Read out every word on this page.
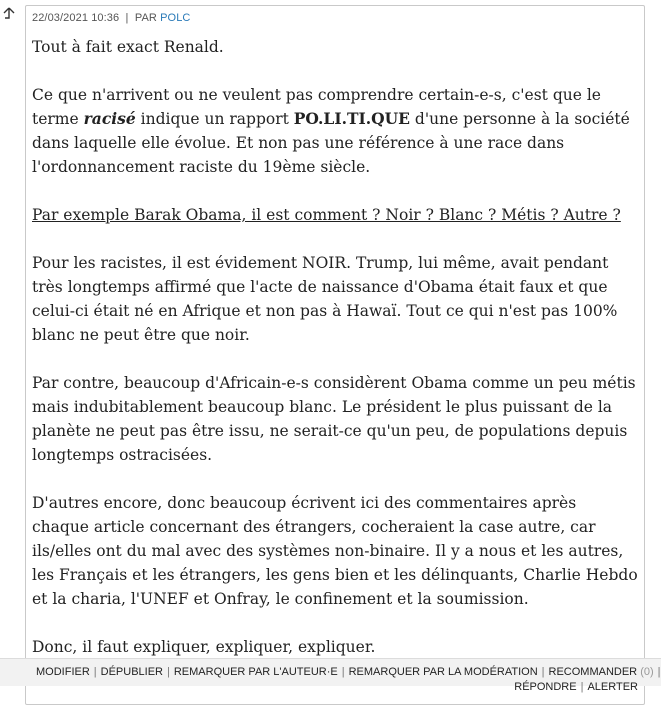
22/03/2021 10:36  |  PAR POLC

Tout à fait exact Renald.

Ce que n'arrivent ou ne veulent pas comprendre certain-e-s, c'est que le terme racisé indique un rapport PO.LI.TI.QUE d'une personne à la société dans laquelle elle évolue. Et non pas une référence à une race dans l'ordonnancement raciste du 19ème siècle.

Par exemple Barak Obama, il est comment ? Noir ? Blanc ? Métis ? Autre ?

Pour les racistes, il est évidement NOIR. Trump, lui même, avait pendant très longtemps affirmé que l'acte de naissance d'Obama était faux et que celui-ci était né en Afrique et non pas à Hawaï. Tout ce qui n'est pas 100% blanc ne peut être que noir.

Par contre, beaucoup d'Africain-e-s considèrent Obama comme un peu métis mais indubitablement beaucoup blanc. Le président le plus puissant de la planète ne peut pas être issu, ne serait-ce qu'un peu, de populations depuis longtemps ostracisées.

D'autres encore, donc beaucoup écrivent ici des commentaires après chaque article concernant des étrangers, cocheraient la case autre, car ils/elles ont du mal avec des systèmes non-binaire. Il y a nous et les autres, les Français et les étrangers, les gens bien et les délinquants, Charlie Hebdo et la charia, l'UNEF et Onfray, le confinement et la soumission.

Donc, il faut expliquer, expliquer, expliquer.

MODIFIER | DÉPUBLIER | REMARQUER PAR L'AUTEUR·E | REMARQUER PAR LA MODÉRATION | RECOMMANDER (0) |
RÉPONDRE | ALERTER
